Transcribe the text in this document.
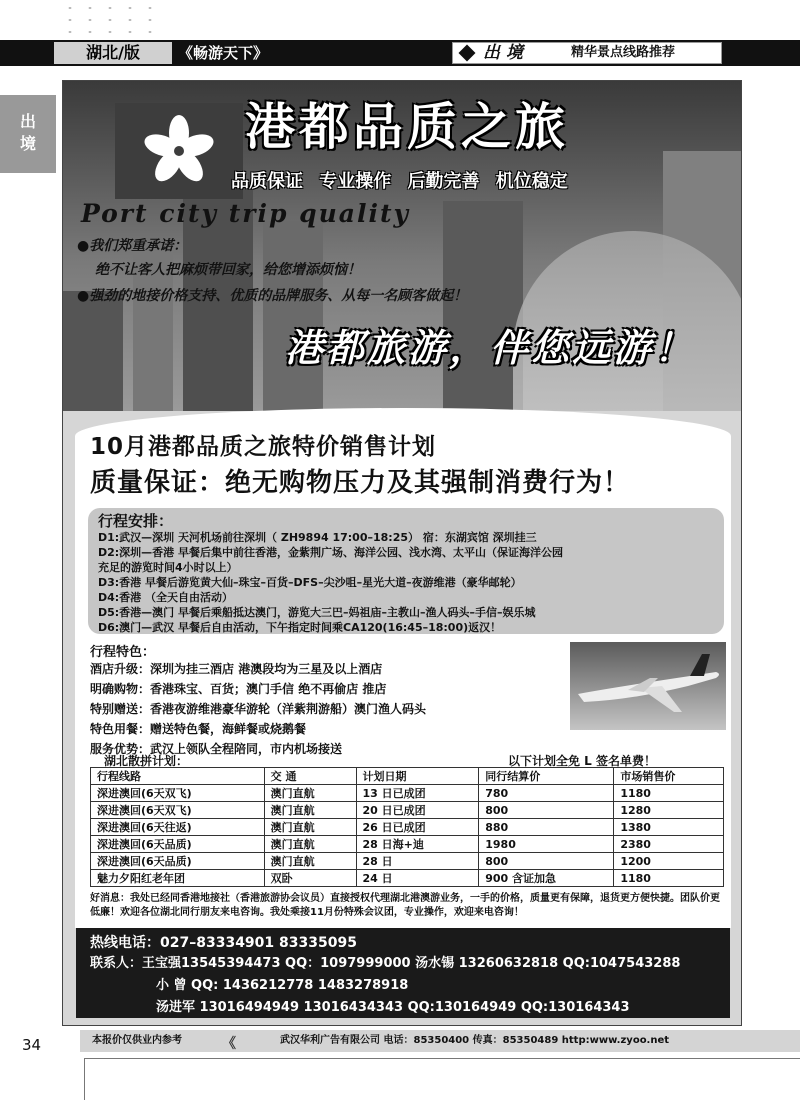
湖北/版	《畅游天下》	出 境	精华景点线路推荐
出
境	港都品质之旅
品质保证 专业操作 后勤完善 机位稳定
Port city trip quality
●我们郑重承诺：
绝不让客人把麻烦带回家，给您增添烦恼！
●强劲的地接价格支持、优质的品牌服务、从每一名顾客做起！
港都旅游，伴您远游！
10月港都品质之旅特价销售计划
质量保证：绝无购物压力及其强制消费行为！
行程安排：
D1:武汉—深圳 天河机场前往深圳（ ZH9894 17:00–18:25） 宿：东湖宾馆 深圳挂三
D2:深圳—香港 早餐后集中前往香港，金紫荆广场、海洋公园、浅水湾、太平山（保证海洋公园
充足的游览时间4小时以上）
D3:香港 早餐后游览黄大仙–珠宝–百货–DFS–尖沙咀–星光大道–夜游维港（豪华邮轮）
D4:香港 （全天自由活动）
D5:香港—澳门 早餐后乘船抵达澳门，游览大三巴–妈祖庙–主教山–渔人码头–手信–娱乐城
D6:澳门—武汉 早餐后自由活动，下午指定时间乘CA120(16:45–18:00)返汉！
行程特色：
酒店升级：深圳为挂三酒店 港澳段均为三星及以上酒店
明确购物：香港珠宝、百货；澳门手信 绝不再偷店 推店
特别赠送：香港夜游维港豪华游轮（洋紫荆游船）澳门渔人码头
特色用餐：赠送特色餐，海鲜餐或烧鹅餐
服务优势：武汉上领队全程陪同，市内机场接送
湖北散拼计划：	以下计划全免 L 签名单费！
行程线路	交 通	计划日期	同行结算价	市场销售价
深进澳回(6天双飞)	澳门直航	13 日已成团	780	1180
深进澳回(6天双飞)	澳门直航	20 日已成团	800	1280
深进澳回(6天往返)	澳门直航	26 日已成团	880	1380
深进澳回(6天品质)	澳门直航	28 日海+迪	1980	2380
深进澳回(6天品质)	澳门直航	28 日	800	1200
魅力夕阳红老年团	双卧	24 日	900 含证加急	1180
好消息：我处已经同香港地接社（香港旅游协会议员）直接授权代理湖北港澳游业务，一手的价格，质量更有保障，退货更方便快捷。团队价更低廉！欢迎各位湖北同行朋友来电咨询。我处乘接11月份特殊会议团，专业操作，欢迎来电咨询！
热线电话：027–83334901 83335095
联系人：王宝强13545394473 QQ：1097999000 汤水锡 13260632818 QQ:1047543288
小 曾 QQ: 1436212778 1483278918
汤进军 13016494949 13016434343 QQ:130164949 QQ:130164343
34	本报价仅供业内参考	《	武汉华利广告有限公司 电话：85350400 传真：85350489 http:www.zyoo.net
